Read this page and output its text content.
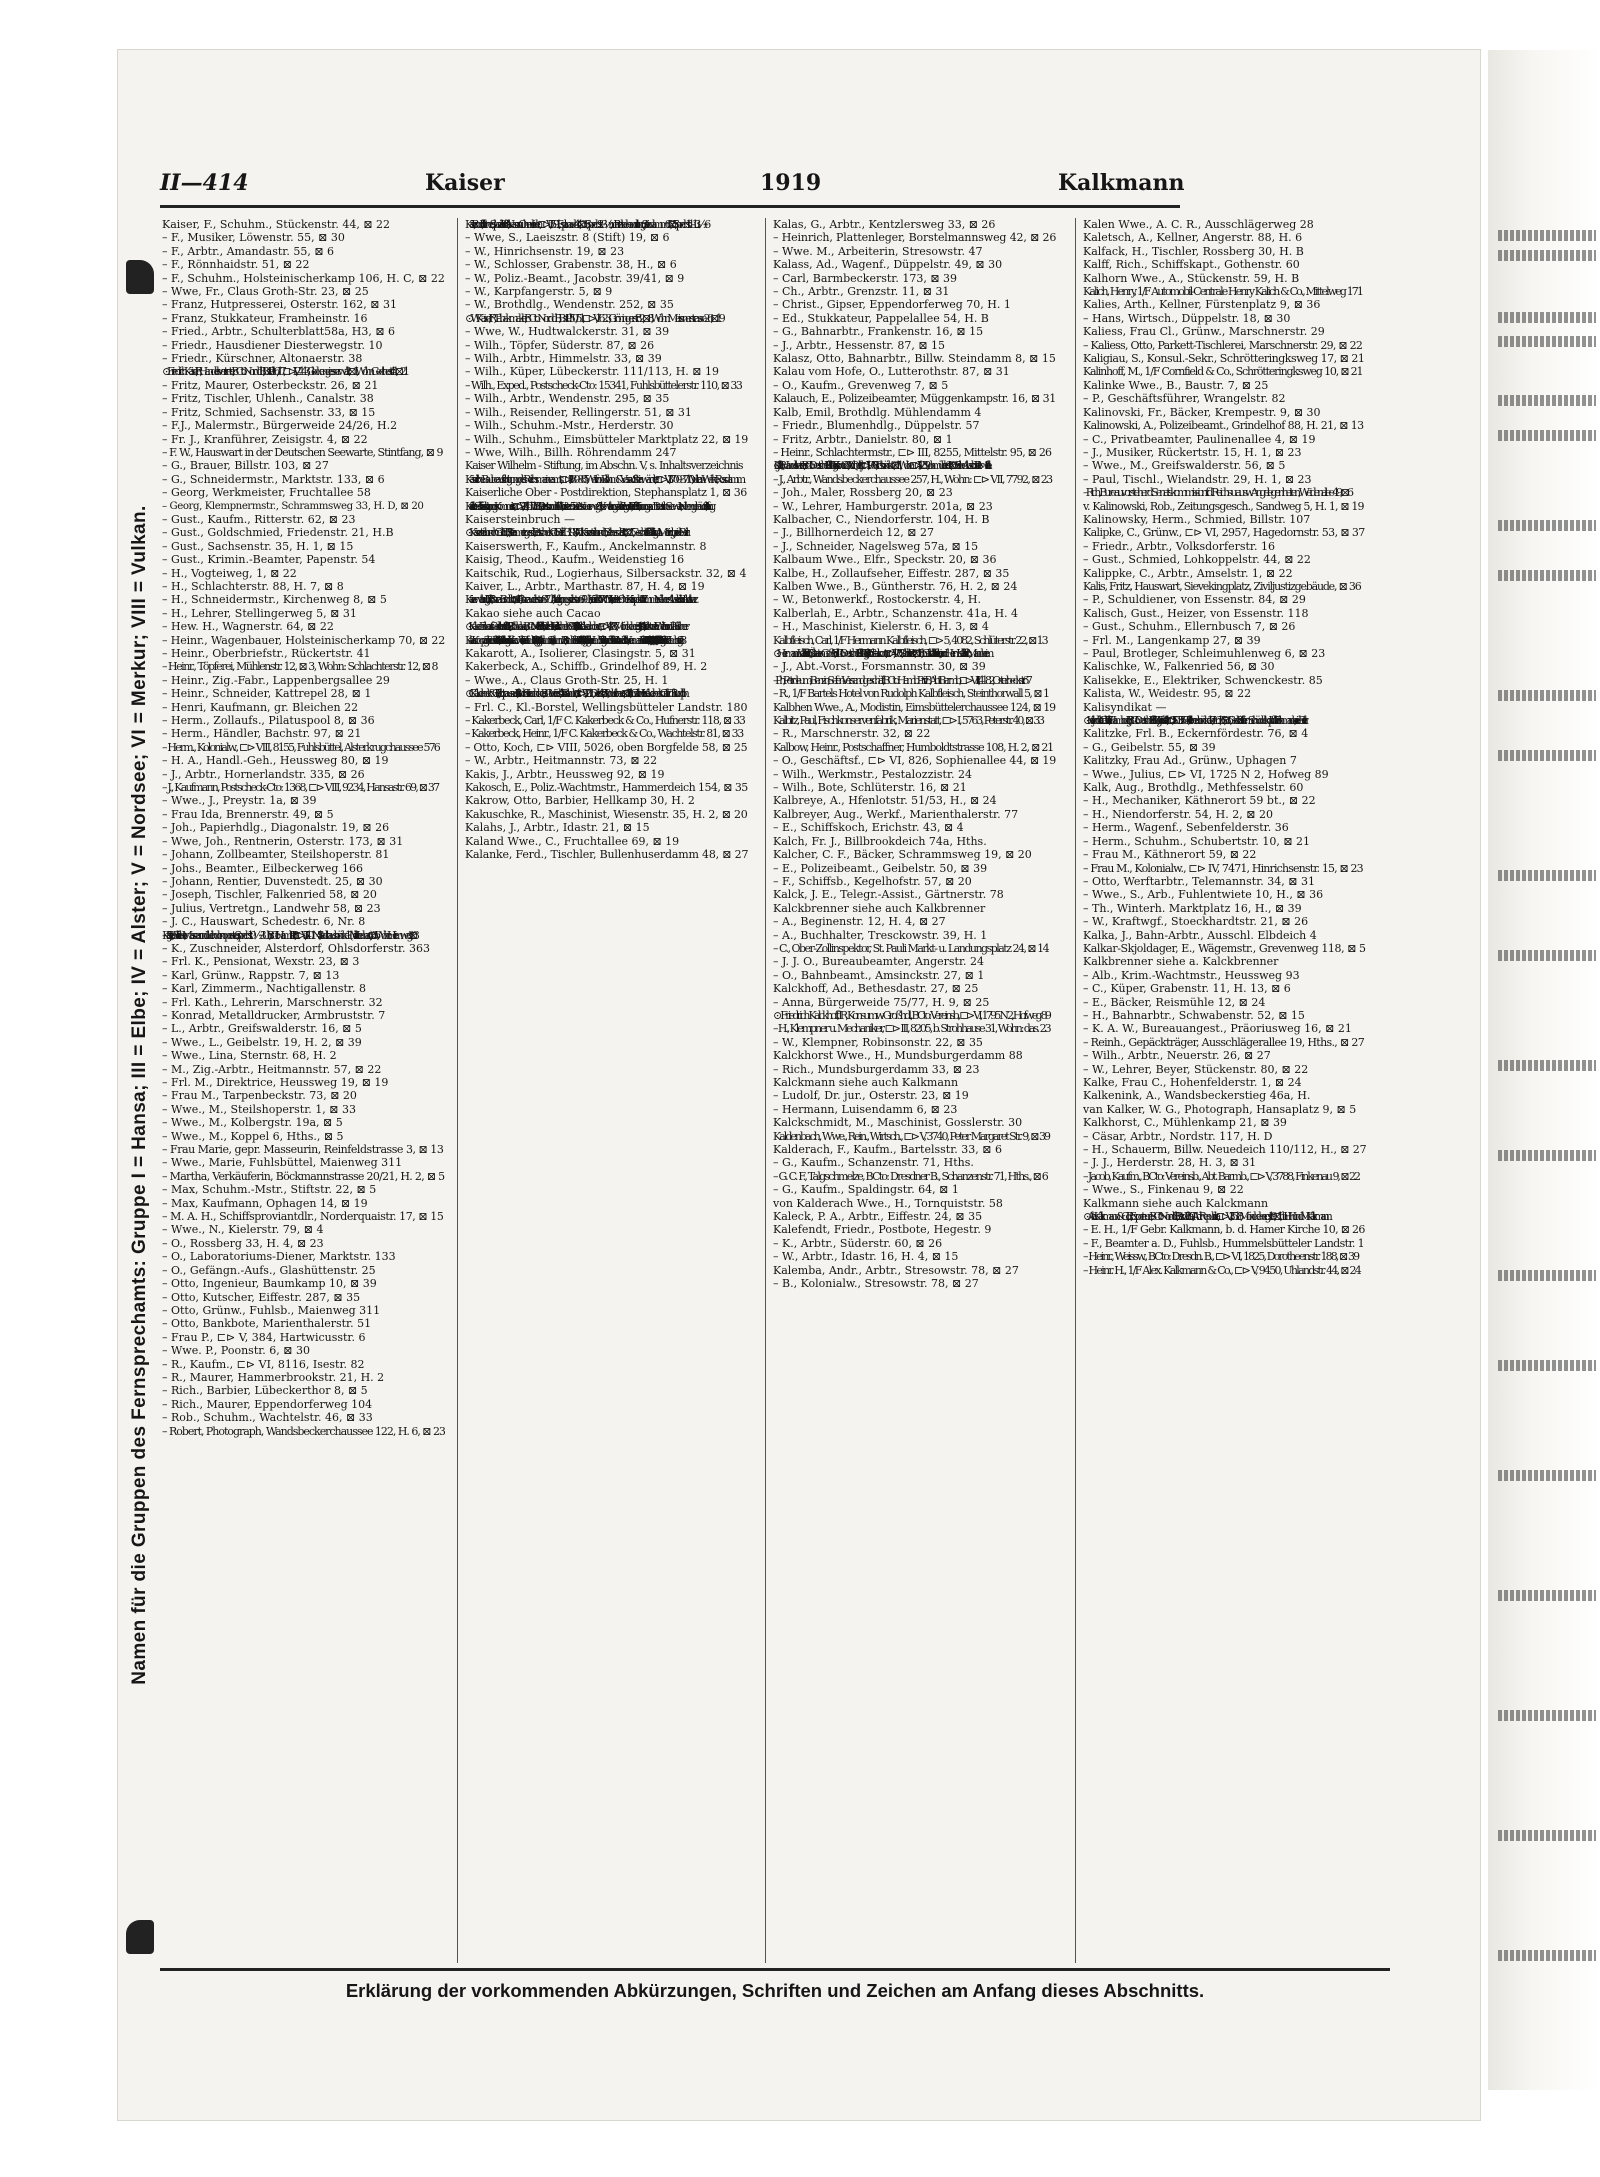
II—414	Kaiser	1919	Kalkmann
Namen für die Gruppen des Fernsprechamts: Gruppe I = Hansa; III = Elbe; IV = Alster; V = Nordsee; VI = Merkur; VIII = Vulkan.

Kaiser, F., Schuhm., Stückenstr. 44, ⊠ 22

– F., Musiker, Löwenstr. 55, ⊠ 30

– F., Arbtr., Amandastr. 55, ⊠ 6

– F., Rönnhaidstr. 51, ⊠ 22

– F., Schuhm., Holsteinischerkamp 106, H. C, ⊠ 22

– Wwe, Fr., Claus Groth-Str. 23, ⊠ 25

– Franz, Hutpresserei, Osterstr. 162, ⊠ 31

– Franz, Stukkateur, Framheinstr. 16

– Fried., Arbtr., Schulterblatt58a, H3, ⊠ 6

– Friedr., Hausdiener Diesterwegstr. 10

– Friedr., Kürschner, Altonaerstr. 38

⊙ Friedrich Kaiser, IR, Handelsvertreter, BCto: Nordd. B., Bst: v. Pl. 16/17, ⊏⊳ IV, 2443, Glockengiesserwall 2, ⊠1, Wohn: Goethestr. 41, ⊠ 21

– Fritz, Maurer, Osterbeckstr. 26, ⊠ 21

– Fritz, Tischler, Uhlenh., Canalstr. 38

– Fritz, Schmied, Sachsenstr. 33, ⊠ 15

– F.J., Malermstr., Bürgerweide 24/26, H.2

– Fr. J., Kranführer, Zeisigstr. 4, ⊠ 22

– F. W., Hauswart in der Deutschen Seewarte, Stintfang, ⊠ 9

– G., Brauer, Billstr. 103, ⊠ 27

– G., Schneidermstr., Marktstr. 133, ⊠ 6

– Georg, Werkmeister, Fruchtallee 58

– Georg, Klempnermstr., Schrammsweg 33, H. D, ⊠ 20

– Gust., Kaufm., Ritterstr. 62, ⊠ 23

– Gust., Goldschmied, Friedenstr. 21, H.B

– Gust., Sachsenstr. 35, H. 1, ⊠ 15

– Gust., Krimin.-Beamter, Papenstr. 54

– H., Vogteiweg, 1, ⊠ 22

– H., Schlachterstr. 88, H. 7, ⊠ 8

– H., Schneidermstr., Kirchenweg 8, ⊠ 5

– H., Lehrer, Stellingerweg 5, ⊠ 31

– Hew. H., Wagnerstr. 64, ⊠ 22

– Heinr., Wagenbauer, Holsteinischerkamp 70, ⊠ 22

– Heinr., Oberbriefstr., Rückertstr. 41

– Heinr., Töpferei, Mühlenstr. 12, ⊠ 3, Wohn: Schlachterstr. 12, ⊠ 8

– Heinr., Zig.-Fabr., Lappenbergsallee 29

– Heinr., Schneider, Kattrepel 28, ⊠ 1

– Henri, Kaufmann, gr. Bleichen 22

– Herm., Zollaufs., Pilatuspool 8, ⊠ 36

– Herm., Händler, Bachstr. 97, ⊠ 21

– Herm., Kolonialw., ⊏⊳ VIII, 8155, Fuhlsbüttel, Alsterkrugchaussee 576

– H. A., Handl.-Geh., Heussweg 80, ⊠ 19

– J., Arbtr., Hornerlandstr. 335, ⊠ 26

– J., Kaufmann, Postscheck-Cto: 1368, ⊏⊳ VIII, 9234, Hansastr. 69, ⊠ 37

– Wwe., J., Preystr. 1a, ⊠ 39

– Frau Ida, Brennerstr. 49, ⊠ 5

– Joh., Papierhdlg., Diagonalstr. 19, ⊠ 26

– Wwe, Joh., Rentnerin, Osterstr. 173, ⊠ 31

– Johann, Zollbeamter, Steilshoperstr. 81

– Johs., Beamter., Eilbeckerweg 166

– Johann, Rentier, Duvenstedt. 25, ⊠ 30

– Joseph, Tischler, Falkenried 58, ⊠ 20

– Julius, Vertretgn., Landwehr 58, ⊠ 23

– J. C., Hauswart, Schedestr. 6, Nr. 8

– Kaiser, J. M., Heildiener, Masseur und Leichdornoperateur, Sprechst: 10½–3 Uhr, BCto: Hamb. Priv.-B., ⊏⊳ VIII, 5401 N 4, Stadthausbrücke 11 (Millionenhau), ⊠ 36, Wohn: Heimweg 2, ⊠ 3

– K., Zuschneider, Alsterdorf, Ohlsdorferstr. 363

– Frl. K., Pensionat, Wexstr. 23, ⊠ 3

– Karl, Grünw., Rappstr. 7, ⊠ 13

– Karl, Zimmerm., Nachtigallenstr. 8

– Frl. Kath., Lehrerin, Marschnerstr. 32

– Konrad, Metalldrucker, Armbruststr. 7

– L., Arbtr., Greifswalderstr. 16, ⊠ 5

– Wwe., L., Geibelstr. 19, H. 2, ⊠ 39

– Wwe., Lina, Sternstr. 68, H. 2

– M., Zig.-Arbtr., Heitmannstr. 57, ⊠ 22

– Frl. M., Direktrice, Heussweg 19, ⊠ 19

– Frau M., Tarpenbeckstr. 73, ⊠ 20

– Wwe., M., Steilshoperstr. 1, ⊠ 33

– Wwe., M., Kolbergstr. 19a, ⊠ 5

– Wwe., M., Koppel 6, Hths., ⊠ 5

– Frau Marie, gepr. Masseurin, Reinfeldstrasse 3, ⊠ 13

– Wwe., Marie, Fuhlsbüttel, Maienweg 311

– Martha, Verkäuferin, Böckmannstrasse 20/21, H. 2, ⊠ 5

– Max, Schuhm.-Mstr., Stiftstr. 22, ⊠ 5

– Max, Kaufmann, Ophagen 14, ⊠ 19

– M. A. H., Schiffsproviantdlr., Norderquaistr. 17, ⊠ 15

– Wwe., N., Kielerstr. 79, ⊠ 4

– O., Rossberg 33, H. 4, ⊠ 23

– O., Laboratoriums-Diener, Marktstr. 133

– O., Gefängn.-Aufs., Glashüttenstr. 25

– Otto, Ingenieur, Baumkamp 10, ⊠ 39

– Otto, Kutscher, Eiffestr. 287, ⊠ 35

– Otto, Grünw., Fuhlsb., Maienweg 311

– Otto, Bankbote, Marienthalerstr. 51

– Frau P., ⊏⊳ V, 384, Hartwicusstr. 6

– Wwe. P., Poonstr. 6, ⊠ 30

– R., Kaufm., ⊏⊳ VI, 8116, Isestr. 82

– R., Maurer, Hammerbrookstr. 21, H. 2

– Rich., Barbier, Lübeckerthor 8, ⊠ 5

– Rich., Maurer, Eppendorferweg 104

– Rob., Schuhm., Wachtelstr. 46, ⊠ 33

– Robert, Photograph, Wandsbeckerchaussee 122, H. 6, ⊠ 23

Kaiser, Rudolf, Dr. med., Spezialarzt f. Hals-, Nasen- u. Ohrenleiden, ⊏⊳ VI, 5591, Esplanade 44, ⊠ 36, Sprechst: 2–3½, nur Privatbehandlung, u. Steindamm 65, ⊠ 5, Sprechst: 11–1 u. 3½–6

– Wwe, S., Laeiszstr. 8 (Stift) 19, ⊠ 6

– W., Hinrichsenstr. 19, ⊠ 23

– W., Schlosser, Grabenstr. 38, H., ⊠ 6

– W., Poliz.-Beamt., Jacobstr. 39/41, ⊠ 9

– W., Karpfangerstr. 5, ⊠ 9

– W., Brothdlg., Wendenstr. 252, ⊠ 35

⊙ W. Kaiser, IR, Tabakmakler, BCto Nordd. B., Bst: Pl. 50/51, ⊏⊳ V, 1623, Gröningerstr. 32, ⊠ 8, Wohn: Meissnerstrasse 26, ⊠ 19

– Wwe, W., Hudtwalckerstr. 31, ⊠ 39

– Wilh., Töpfer, Süderstr. 87, ⊠ 26

– Wilh., Arbtr., Himmelstr. 33, ⊠ 39

– Wilh., Küper, Lübeckerstr. 111/113, H. ⊠ 19

– Wilh., Exped., Postscheck-Cto: 15341, Fuhlsbüttelerstr. 110, ⊠ 33

– Wilh., Arbtr., Wendenstr. 295, ⊠ 35

– Wilh., Reisender, Rellingerstr. 51, ⊠ 31

– Wilh., Schuhm.-Mstr., Herderstr. 30

– Wilh., Schuhm., Eimsbütteler Marktplatz 22, ⊠ 19

– Wwe, Wilh., Billh. Röhrendamm 247

Kaiser Wilhelm - Stiftung, im Abschn. V, s. Inhaltsverzeichnis

Kaiserliche Baubeaufsichtigung des Reichsmarineamts, ⊏⊳ III, 880–885, Werft von Blohm & Voss auf Steinwärder, u. ⊏⊳ VIII, 3700–3710, Vulcan-Werke, Rossdamm

Kaiserliche Ober - Postdirektion, Stephansplatz 1, ⊠ 36

Kaiserliche Schiffsbesichtigungs-Kommission, ⊏⊳ VI, 224, 1617 u. 1689, Dienststunden 9 - 4 Uhr, Vorsetzen 53 u. neust. Neuerweg 81; Verwaltungsabteilung: Vorsetzen 35, I. u. II.; Rechnungsamt: Deutsche Seewarte, Nebengebäude, Stintfang

Kaisersteinbruch —

⊙ Kaisersteinbruch G. m. b. H., IR, Steinmetzgesch., Postscheck-Cto: Berlin 13198, T-Adr: Kaiserstein-bruch, Bethesdastr. 38, ⊠ 25, Geschäftsf.: C. Schilling u. A. Metzing, beide Berlin

Kaiserswerth, F., Kaufm., Anckelmannstr. 8

Kaisig, Theod., Kaufm., Weidenstieg 16

Kaitschik, Rud., Logierhaus, Silbersackstr. 32, ⊠ 4

Kaiver, L., Arbtr., Marthastr. 87, H. 4, ⊠ 19

Kaiverwaltung, Bst. Pl. 26, Bureau: Brookthor, ⊠ 14, Bureaudienst von 8–7 Uhr, Abfertigungsdienst von 6–9 Uhr, Kaidirektor P. M. Winter, Vertreter Ober-Kaiinspektor F. A. Zimmer. Näheres Abschn. I siehe Inhaltsverz.

Kakao siehe auch Cacao

⊙ Kakao-Einkaufs-Gesellschaft m. b. H., IR, Rohkakao, BCto: Mitteld. Privatb., Reichsb.-Hstl., u. Postscheck-6988, Bst: v. Pl. 6, T-Adr: Kakaobohne, ⊏⊳ VI, 4987, Mönckebergstr. 31, ⊠ 1, Direktoren: E. Wiehr und Paul Scheer

Kakao-Kompagnie Theodor Reichardt G. m. b. H., Deutschlands grösstes Kakaowerk, Verkauf in Hamburg: Bergstr. 28, (EckeAlsterdamm), Steindamm 38, Barmbeck: Hamburgerstr. 4c, I. Altona: Königstr. 75/77, u. in Wandsbek: Hamburgerstr. 58a. Fabrik in Wandsbek. Kontor: Wandsbek, Neumann-Reichardt-Str. 29–33, ⊏⊳ IV, 381, 332, 333, 334, 335, III, 691 u. VI, 9006, BCto: Reichsb.-Hstl., Deutsche B. Fil. Hbg. u. Postscheck-Cto: Hamburg 958

Kakarott, A., Isolierer, Clasingstr. 5, ⊠ 31

Kakerbeck, A., Schiffb., Grindelhof 89, H. 2

– Wwe., A., Claus Groth-Str. 25, H. 1

⊙ C. Kakerbeck & Co., IR, Lichtpausanstalt, Buch- u. Steindruckerei, BCto: Vereinsb., Abt. Bahnhofstr., ⊏⊳ VIII, 5216, Deichstr. 48/50, Industriehaus, ⊠ 11, Inh: Carl u. Heinr. Kakerbeck u. Carl Emil Rudolph

– Frl. C., Kl.-Borstel, Wellingsbütteler Landstr. 180

– Kakerbeck, Carl, 1/F C. Kakerbeck & Co., Hufnerstr. 118, ⊠ 33

– Kakerbeck, Heinr., 1/F C. Kakerbeck & Co., Wachtelstr. 81, ⊠ 33

– Otto, Koch, ⊏⊳ VIII, 5026, oben Borgfelde 58, ⊠ 25

– W., Arbtr., Heitmannstr. 73, ⊠ 22

Kakis, J., Arbtr., Heussweg 92, ⊠ 19

Kakosch, E., Poliz.-Wachtmstr., Hammerdeich 154, ⊠ 35

Kakrow, Otto, Barbier, Hellkamp 30, H. 2

Kakuschke, R., Maschinist, Wiesenstr. 35, H. 2, ⊠ 20

Kalahs, J., Arbtr., Idastr. 21, ⊠ 15

Kaland Wwe., C., Fruchtallee 69, ⊠ 19

Kalanke, Ferd., Tischler, Bullenhuserdamm 48, ⊠ 27

Kalas, G., Arbtr., Kentzlersweg 33, ⊠ 26

– Heinrich, Plattenleger, Borstelmannsweg 42, ⊠ 26

– Wwe. M., Arbeiterin, Stresowstr. 47

Kalass, Ad., Wagenf., Düppelstr. 49, ⊠ 30

– Carl, Barmbeckerstr. 173, ⊠ 39

– Ch., Arbtr., Grenzstr. 11, ⊠ 31

– Christ., Gipser, Eppendorferweg 70, H. 1

– Ed., Stukkateur, Pappelallee 54, H. B

– G., Bahnarbtr., Frankenstr. 16, ⊠ 15

– J., Arbtr., Hessenstr. 87, ⊠ 15

Kalasz, Otto, Bahnarbtr., Billw. Steindamm 8, ⊠ 15

Kalau vom Hofe, O., Lutterothstr. 87, ⊠ 31

– O., Kaufm., Grevenweg 7, ⊠ 5

Kalauch, E., Polizeibeamter, Müggenkampstr. 16, ⊠ 31

Kalb, Emil, Brothdlg. Mühlendamm 4

– Friedr., Blumenhdlg., Düppelstr. 57

– Fritz, Arbtr., Danielstr. 80, ⊠ 1

– Heinr., Schlachtermstr., ⊏⊳ III, 8255, Mittelstr. 95, ⊠ 26

⊙ J. Kalb, IR, Handelsvertreter, BCto: Deutsche B. Fil. Hbg., Bst. v. Kontor 23, T-Adr: Quickly, ⊏⊳ IV, 1968, Trostbrücke 2, ⊠ 11, Wohn: ⊏⊳ IV, 4239, Lohmühlenstr. 63, ⊠ 36. Siehe Abschn. III. unter: Metalle

– J., Arbtr., Wandsbeckerchaussee 257, H., Wohn: ⊏⊳ VII, 7792, ⊠ 23

– Joh., Maler, Rossberg 20, ⊠ 23

– W., Lehrer, Hamburgerstr. 201a, ⊠ 23

Kalbacher, C., Niendorferstr. 104, H. B

– J., Billhornerdeich 12, ⊠ 27

– J., Schneider, Nagelsweg 57a, ⊠ 15

Kalbaum Wwe., Elfr., Speckstr. 20, ⊠ 36

Kalbe, H., Zollaufseher, Eiffestr. 287, ⊠ 35

Kalben Wwe., B., Güntherstr. 76, H. 2, ⊠ 24

– W., Betonwerkf., Rostockerstr. 4, H.

Kalberlah, E., Arbtr., Schanzenstr. 41a, H. 4

– H., Maschinist, Kielerstr. 6, H. 3, ⊠ 4

Kalbfleisch, Carl, 1/F Hermann Kalbfleisch, ⊏⊳ 5, 4082, Schlüterstr. 22, ⊠ 13

⊙ Hermann Kalbfleisch, IR, Ölsaaten-Großhdl., BCto: Deutsche B. Fil. Hbg., Bst: v. Pl. 7, T-Adr: Saatkontor, ⊏⊳ V, 4082, Schlüterstr. 22, ⊠ 13, Inh: Carl Kalbfleisch, hier, und Herm. Kalbfleisch, Mannheim

– J., Abt.-Vorst., Forsmannstr. 30, ⊠ 39

– Ph., Petroleum-, Benzin-, Seifen-Versandgeschäft, BCto: Hamb. Priv.-B., Abt. Barmb., ⊏⊳ VIII, 4182, Osterbeckstr. 67

– R., 1/F Bartels Hotel von Rudolph Kalbfleisch, Steinthorwall 5, ⊠ 1

Kalbhen Wwe., A., Modistin, Eimsbüttelerchaussee 124, ⊠ 19

Kalbitz, Paul, Fischkonservenfabrik, Marienstatt, ⊏⊳ I, 5763, Peterstr. 40, ⊠ 33

– R., Marschnerstr. 32, ⊠ 22

Kalbow, Heinr., Postschaffner, Humboldtstrasse 108, H. 2, ⊠ 21

– O., Geschäftsf., ⊏⊳ VI, 826, Sophienallee 44, ⊠ 19

– Wilh., Werkmstr., Pestalozzistr. 24

– Wilh., Bote, Schlüterstr. 16, ⊠ 21

Kalbreye, A., Hfenlotstr. 51/53, H., ⊠ 24

Kalbreyer, Aug., Werkf., Marienthalerstr. 77

– E., Schiffskoch, Erichstr. 43, ⊠ 4

Kalch, Fr. J., Billbrookdeich 74a, Hths.

Kalcher, C. F., Bäcker, Schrammsweg 19, ⊠ 20

– E., Polizeibeamt., Geibelstr. 50, ⊠ 39

– F., Schiffsb., Kegelhofstr. 57, ⊠ 20

Kalck, J. E., Telegr.-Assist., Gärtnerstr. 78

Kalckbrenner siehe auch Kalkbrenner

– A., Beginenstr. 12, H. 4, ⊠ 27

– A., Buchhalter, Tresckowstr. 39, H. 1

– C., Ober-Zollinspektor, St. Pauli Markt- u. Landungsplatz 24, ⊠ 14

– J. J. O., Bureaubeamter, Angerstr. 24

– O., Bahnbeamt., Amsinckstr. 27, ⊠ 1

Kalckhoff, Ad., Bethesdastr. 27, ⊠ 25

– Anna, Bürgerweide 75/77, H. 9, ⊠ 25

⊙ Friedrich Kalckhoff, IR, Konsumw.-Großhdl., BCto: Vereinsb., ⊏⊳ VI, 1795 N 2, Hofweg 89

– H., Klempner u. Mechaniker, ⊏⊳ III, 8205, b. Strohhause 31, Wohn: das. 23

– W., Klempner, Robinsonstr. 22, ⊠ 35

Kalckhorst Wwe., H., Mundsburgerdamm 88

– Rich., Mundsburgerdamm 33, ⊠ 23

Kalckmann siehe auch Kalkmann

– Ludolf, Dr. jur., Osterstr. 23, ⊠ 19

– Hermann, Luisendamm 6, ⊠ 23

Kalckschmidt, M., Maschinist, Gosslerstr. 30

Kaldenbach, Wwe., Rein., Wirtsch., ⊏⊳ V, 3740, Peter Margaret Str. 9, ⊠ 39

Kalderach, F., Kaufm., Bartelsstr. 33, ⊠ 6

– G., Kaufm., Schanzenstr. 71, Hths.

– G. C. F., Talgschmelze, BCto: Dresdner B., Schanzenstr. 71, Hths., ⊠ 6

– G., Kaufm., Spaldingstr. 64, ⊠ 1

von Kalderach Wwe., H., Tornquiststr. 58

Kaleck, P. A., Arbtr., Eiffestr. 24, ⊠ 35

Kalefendt, Friedr., Postbote, Hegestr. 9

– K., Arbtr., Süderstr. 60, ⊠ 26

– W., Arbtr., Idastr. 16, H. 4, ⊠ 15

Kalemba, Andr., Arbtr., Stresowstr. 78, ⊠ 27

– B., Kolonialw., Stresowstr. 78, ⊠ 27

Kalen Wwe., A. C. R., Ausschlägerweg 28

Kaletsch, A., Kellner, Angerstr. 88, H. 6

Kalfack, H., Tischler, Rossberg 30, H. B

Kalff, Rich., Schiffskapt., Gothenstr. 60

Kalhorn Wwe., A., Stückenstr. 59, H. B

Kalich, Henry, 1/F Automobil-Centrale Henry Kalich & Co., Mittelweg 171

Kalies, Arth., Kellner, Fürstenplatz 9, ⊠ 36

– Hans, Wirtsch., Düppelstr. 18, ⊠ 30

Kaliess, Frau Cl., Grünw., Marschnerstr. 29

– Kaliess, Otto, Parkett-Tischlerei, Marschnerstr. 29, ⊠ 22

Kaligiau, S., Konsul.-Sekr., Schrötteringksweg 17, ⊠ 21

Kalinhoff, M., 1/F Cornfield & Co., Schrötteringksweg 10, ⊠ 21

Kalinke Wwe., B., Baustr. 7, ⊠ 25

– P., Geschäftsführer, Wrangelstr. 82

Kalinovski, Fr., Bäcker, Krempestr. 9, ⊠ 30

Kalinowski, A., Polizeibeamt., Grindelhof 88, H. 21, ⊠ 13

– C., Privatbeamter, Paulinenallee 4, ⊠ 19

– J., Musiker, Rückertstr. 15, H. 1, ⊠ 23

– Wwe., M., Greifswalderstr. 56, ⊠ 5

– Paul, Tischl., Wielandstr. 29, H. 1, ⊠ 23

– Rich., Bureauvorsteher d. Senatskommission f. d. Reichs- u. ausw. Angelegenheiten, Weidenallee 49, ⊠ 6

v. Kalinowski, Rob., Zeitungsgesch., Sandweg 5, H. 1, ⊠ 19

Kalinowsky, Herm., Schmied, Billstr. 107

Kalipke, C., Grünw., ⊏⊳ VI, 2957, Hagedornstr. 53, ⊠ 37

– Friedr., Arbtr., Volksdorferstr. 16

– Gust., Schmied, Lohkoppelstr. 44, ⊠ 22

Kalippke, C., Arbtr., Amselstr. 1, ⊠ 22

Kalis, Fritz, Hauswart, Sievekingplatz, Ziviljustizgebäude, ⊠ 36

– P., Schuldiener, von Essenstr. 84, ⊠ 29

Kalisch, Gust., Heizer, von Essenstr. 118

– Gust., Schuhm., Ellernbusch 7, ⊠ 26

– Frl. M., Langenkamp 27, ⊠ 39

– Paul, Brotleger, Schleimuhlenweg 6, ⊠ 23

Kalischke, W., Falkenried 56, ⊠ 30

Kalisekke, E., Elektriker, Schwenckestr. 85

Kalista, W., Weidestr. 95, ⊠ 22

Kalisyndikat —

⊙ Kalisyndikat G. m. b. H., Filiale Hamburg, IR, BCto: Deutsche B. Fil. Hbg., T-Adr: Kalisalz, ⊏⊳ III, 3503 u. 3504, Bleichenbrücke 10, Zim. 61/65, ⊠ 36, Geschäftsf.: Herm. Schüddekopf u. Wilh. Forthmann, beide Berlin

Kalitzke, Frl. B., Eckernfördestr. 76, ⊠ 4

– G., Geibelstr. 55, ⊠ 39

Kalitzky, Frau Ad., Grünw., Uphagen 7

– Wwe., Julius, ⊏⊳ VI, 1725 N 2, Hofweg 89

Kalk, Aug., Brothdlg., Methfesselstr. 60

– H., Mechaniker, Käthnerort 59 bt., ⊠ 22

– H., Niendorferstr. 54, H. 2, ⊠ 20

– Herm., Wagenf., Sebenfelderstr. 36

– Herm., Schuhm., Schubertstr. 10, ⊠ 21

– Frau M., Käthnerort 59, ⊠ 22

– Frau M., Kolonialw., ⊏⊳ IV, 7471, Hinrichsenstr. 15, ⊠ 23

– Otto, Werftarbtr., Telemannstr. 34, ⊠ 31

– Wwe., S., Arb., Fuhlentwiete 10, H., ⊠ 36

– Th., Winterh. Marktplatz 16, H., ⊠ 39

– W., Kraftwgf., Stoeckhardtstr. 21, ⊠ 26

Kalka, J., Bahn-Arbtr., Ausschl. Elbdeich 4

Kalkar-Skjoldager, E., Wägemstr., Grevenweg 118, ⊠ 5

Kalkbrenner siehe a. Kalckbrenner

– Alb., Krim.-Wachtmstr., Heussweg 93

– C., Küper, Grabenstr. 11, H. 13, ⊠ 6

– E., Bäcker, Reismühle 12, ⊠ 24

– H., Bahnarbtr., Schwabenstr. 52, ⊠ 15

– K. A. W., Bureauangest., Präoriusweg 16, ⊠ 21

– Reinh., Gepäckträger, Ausschlägerallee 19, Hths., ⊠ 27

– Wilh., Arbtr., Neuerstr. 26, ⊠ 27

– W., Lehrer, Beyer, Stückenstr. 80, ⊠ 22

Kalke, Frau C., Hohenfelderstr. 1, ⊠ 24

Kalkenink, A., Wandsbeckerstieg 46a, H.

van Kalker, W. G., Photograph, Hansaplatz 9, ⊠ 5

Kalkhorst, C., Mühlenkamp 21, ⊠ 39

– Cäsar, Arbtr., Nordstr. 117, H. D

– H., Schauerm, Billw. Neuedeich 110/112, H., ⊠ 27

– J. J., Herderstr. 28, H. 3, ⊠ 31

– Jacob, Kaufm., BCto: Vereinsb., Abt. Barmb., ⊏⊳ V, 3788, Finkenau 9, ⊠ 22

– Wwe., S., Finkenau 9, ⊠ 22

Kalkmann siehe auch Kalckmann

⊙ Alex. Kalkmann & Co., IR, Exporteure, BCto: Nordd. B., Bst: zw. Pl. 8 u. 9, T-Adr: Republica, ⊏⊳ VIII, 3518, Mönckebergstr. 19, ⊠ 1, Inh: H. H. und M. Kalkmann

– E. H., 1/F Gebr. Kalkmann, b. d. Hamer Kirche 10, ⊠ 26

– F., Beamter a. D., Fuhlsb., Hummelsbütteler Landstr. 1

– Heinr., Weissw., BCto: Dresdn. B., ⊏⊳ VI, 1825, Dorotheenstr. 188, ⊠ 39

– Heinr. H., 1/F Alex. Kalkmann & Co., ⊏⊳ V, 9450, Uhlandstr. 44, ⊠ 24

Erklärung der vorkommenden Abkürzungen, Schriften und Zeichen am Anfang dieses Abschnitts.
